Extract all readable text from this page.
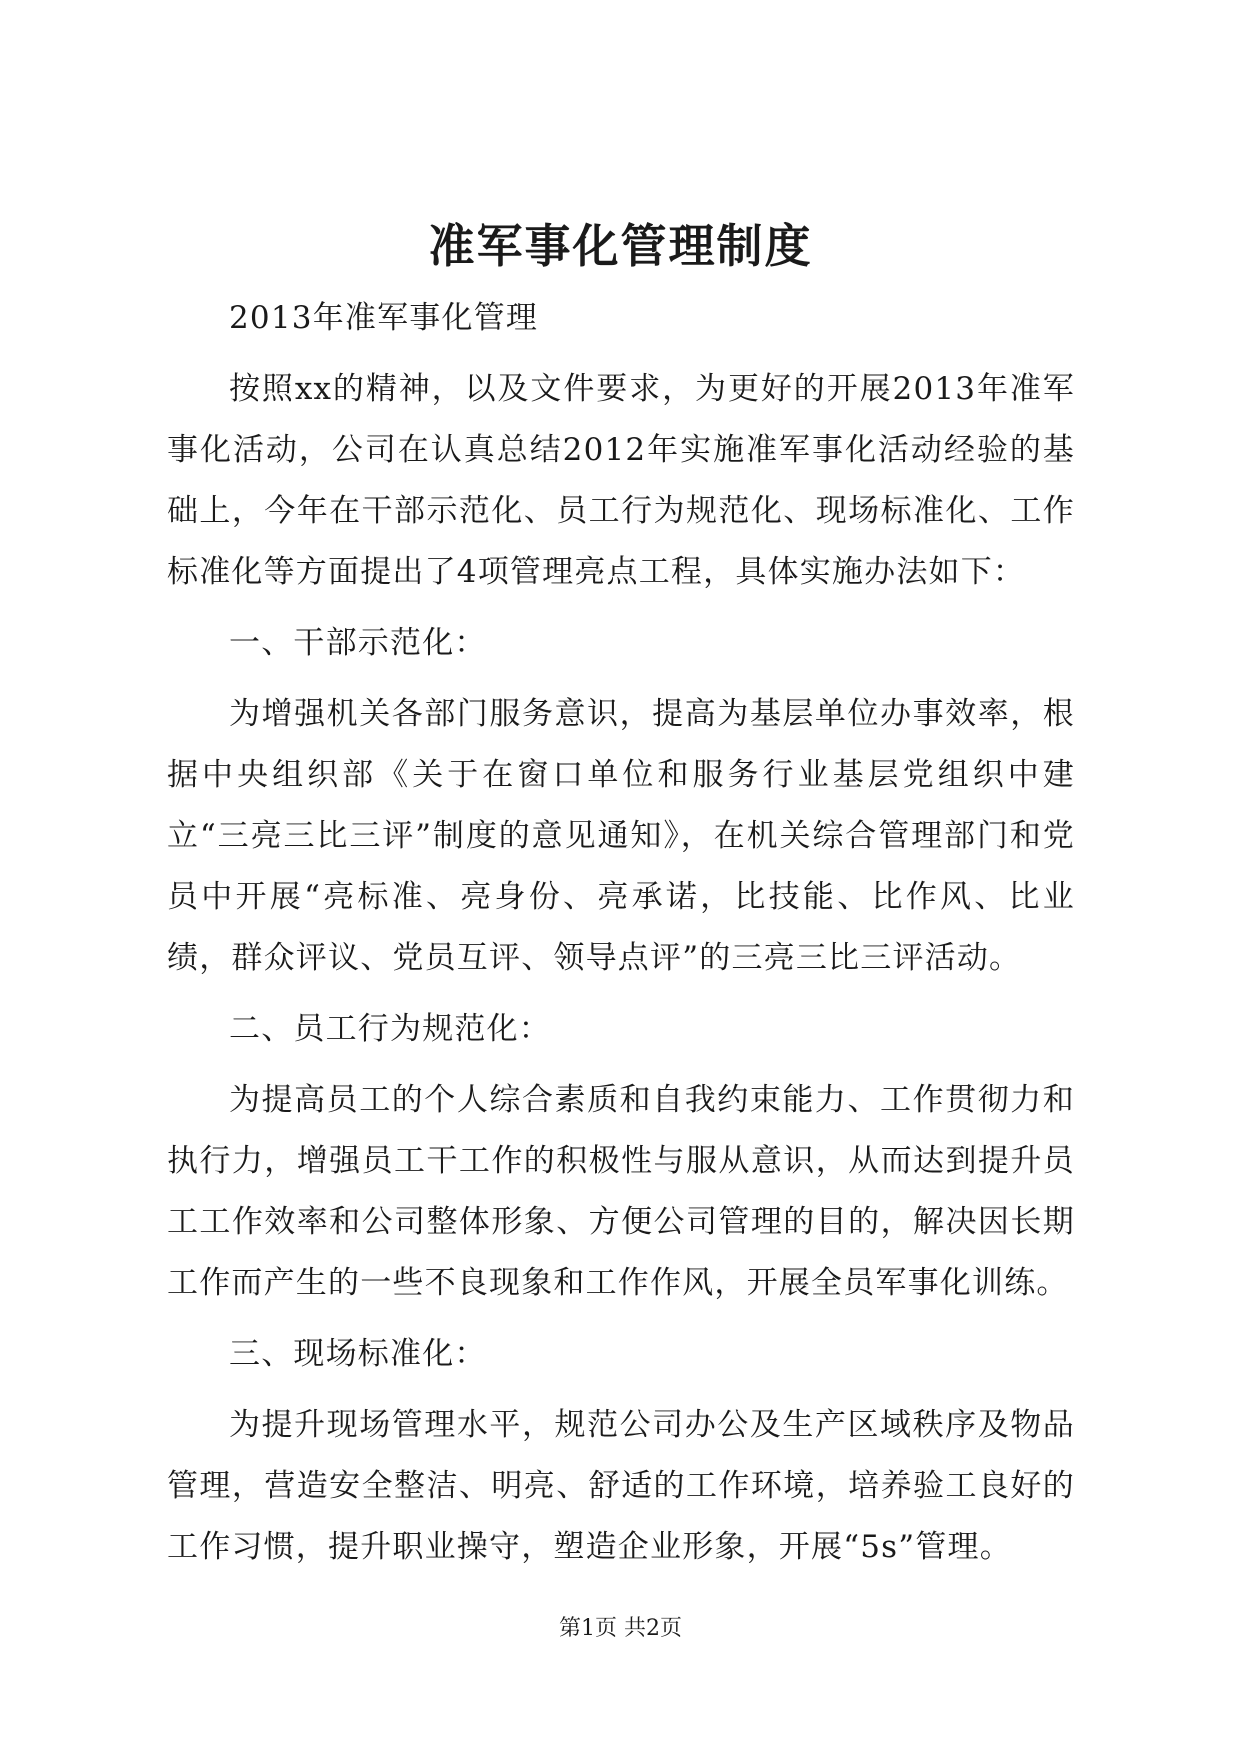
准军事化管理制度

2013年准军事化管理

按照xx的精神，以及文件要求，为更好的开展2013年准军事化活动，公司在认真总结2012年实施准军事化活动经验的基础上，今年在干部示范化、员工行为规范化、现场标准化、工作标准化等方面提出了4项管理亮点工程，具体实施办法如下：

一、干部示范化：

为增强机关各部门服务意识，提高为基层单位办事效率，根据中央组织部《关于在窗口单位和服务行业基层党组织中建立“三亮三比三评”制度的意见通知》，在机关综合管理部门和党员中开展“亮标准、亮身份、亮承诺，比技能、比作风、比业绩，群众评议、党员互评、领导点评”的三亮三比三评活动。

二、员工行为规范化：

为提高员工的个人综合素质和自我约束能力、工作贯彻力和执行力，增强员工干工作的积极性与服从意识，从而达到提升员工工作效率和公司整体形象、方便公司管理的目的，解决因长期工作而产生的一些不良现象和工作作风，开展全员军事化训练。

三、现场标准化：

为提升现场管理水平，规范公司办公及生产区域秩序及物品管理，营造安全整洁、明亮、舒适的工作环境，培养验工良好的工作习惯，提升职业操守，塑造企业形象，开展“5s”管理。

第1页 共2页
